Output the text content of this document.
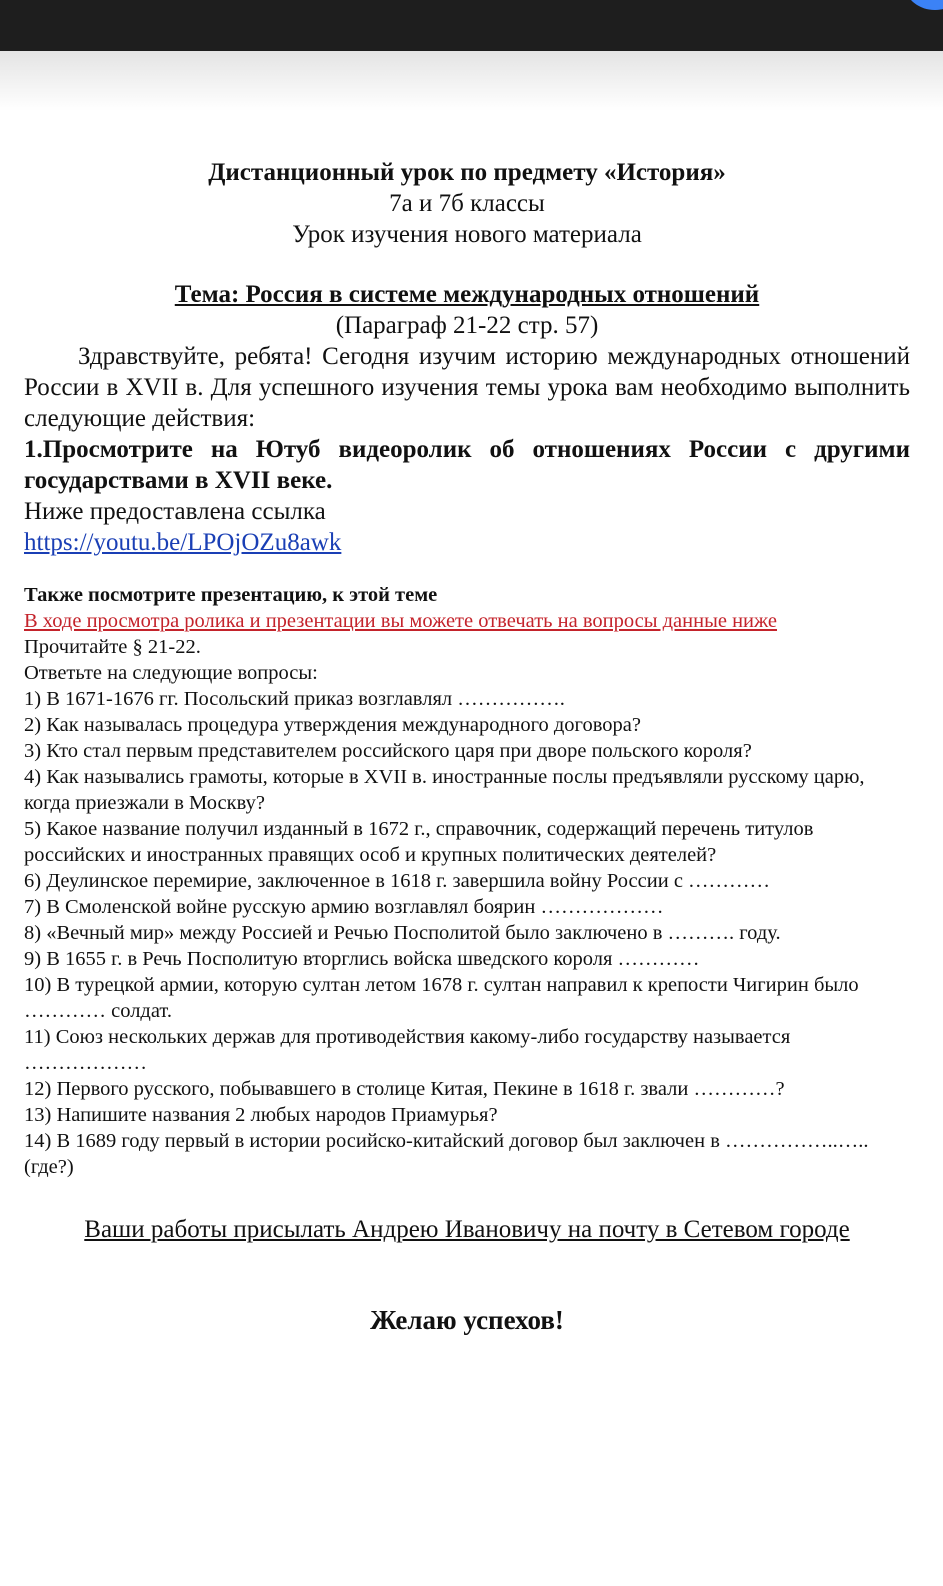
Дистанционный урок по предмету «История»
7а и 7б классы
Урок изучения нового материала
Тема: Россия в системе международных отношений
(Параграф 21-22 стр. 57)
Здравствуйте, ребята! Сегодня изучим историю международных отношений России в XVII в. Для успешного изучения темы урока вам необходимо выполнить следующие действия:
1.Просмотрите на Ютуб видеоролик об отношениях России с другими государствами в XVII веке.
Ниже предоставлена ссылка
https://youtu.be/LPOjOZu8awk
Также посмотрите презентацию, к этой теме
В ходе просмотра ролика и презентации вы можете отвечать на вопросы данные ниже
Прочитайте § 21-22.
Ответьте на следующие вопросы:
1) В 1671-1676 гг. Посольский приказ возглавлял …………….
2) Как называлась процедура утверждения международного договора?
3) Кто стал первым представителем российского царя при дворе польского короля?
4) Как назывались грамоты, которые в XVII в. иностранные послы предъявляли русскому царю, когда приезжали в Москву?
5) Какое название получил изданный в 1672 г., справочник, содержащий перечень титулов российских и иностранных правящих особ и крупных политических деятелей?
6) Деулинское перемирие, заключенное в 1618 г. завершила войну России с …………
7) В Смоленской войне русскую армию возглавлял боярин ………………
8) «Вечный мир» между Россией и Речью Посполитой было заключено в ………. году.
9) В 1655 г. в Речь Посполитую вторглись войска шведского короля …………
10) В турецкой армии, которую султан летом 1678 г. султан направил к крепости Чигирин было ………… солдат.
11) Союз нескольких держав для противодействия какому-либо государству называется ………………
12) Первого русского, побывавшего в столице Китая, Пекине в 1618 г. звали …………?
13) Напишите названия 2 любых народов Приамурья?
14) В 1689 году первый в истории росийско-китайский договор был заключен в ……………..….. (где?)
Ваши работы присылать Андрею Ивановичу на почту в Сетевом городе
Желаю успехов!
